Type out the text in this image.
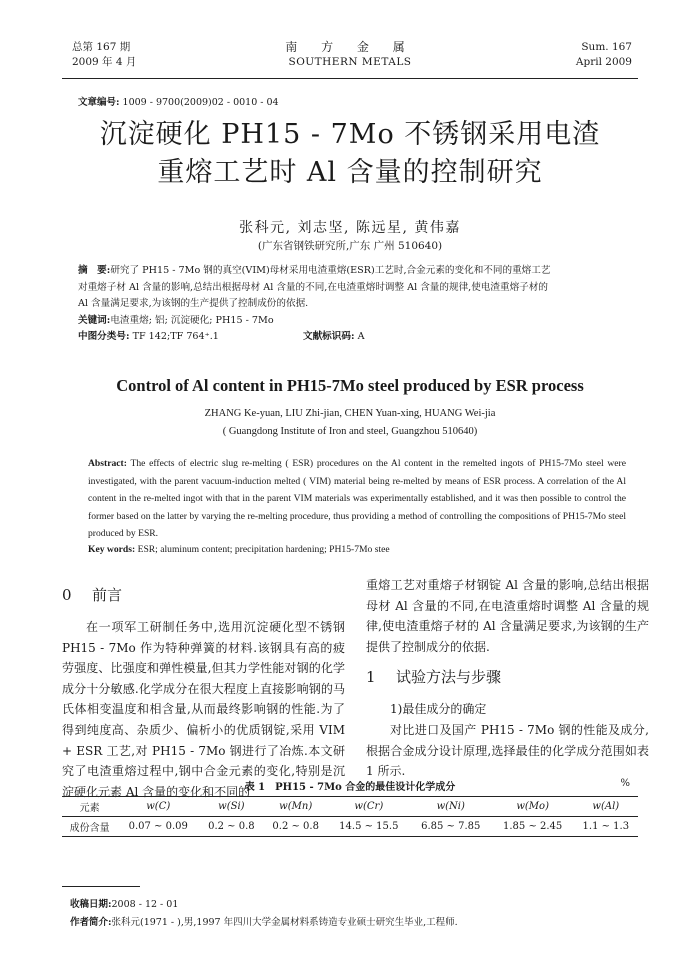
总第 167 期
2009 年 4 月
南 方 金 属
SOUTHERN METALS
Sum. 167
April 2009
文章编号: 1009 - 9700(2009)02 - 0010 - 04
沉淀硬化 PH15 - 7Mo 不锈钢采用电渣
重熔工艺时 Al 含量的控制研究
张科元, 刘志坚, 陈远星, 黄伟嘉
(广东省钢铁研究所,广东 广州 510640)
摘　要:研究了 PH15 - 7Mo 钢的真空(VIM)母材采用电渣重熔(ESR)工艺时,合金元素的变化和不同的重熔工艺
对重熔子材 Al 含量的影响,总结出根据母材 Al 含量的不同,在电渣重熔时调整 Al 含量的规律,使电渣重熔子材的
Al 含量满足要求,为该钢的生产提供了控制成份的依据.
关键词:电渣重熔; 铝; 沉淀硬化; PH15 - 7Mo
中图分类号: TF 142;TF 764⁺.1	文献标识码: A
Control of Al content in PH15-7Mo steel produced by ESR process
ZHANG Ke-yuan, LIU Zhi-jian, CHEN Yuan-xing, HUANG Wei-jia
( Guangdong Institute of Iron and steel, Guangzhou 510640)
Abstract: The effects of electric slug re-melting ( ESR) procedures on the Al content in the remelted ingots of PH15-7Mo steel were investigated, with the parent vacuum-induction melted ( VIM) material being re-melted by means of ESR process. A correlation of the Al content in the re-melted ingot with that in the parent VIM materials was experimentally established, and it was then possible to control the former based on the latter by varying the re-melting procedure, thus providing a method of controlling the compositions of PH15-7Mo steel produced by ESR.
Key words: ESR; aluminum content; precipitation hardening; PH15-7Mo stee
0 前言

在一项军工研制任务中,选用沉淀硬化型不锈钢 PH15 - 7Mo 作为特种弹簧的材料.该钢具有高的疲劳强度、比强度和弹性模量,但其力学性能对钢的化学成分十分敏感.化学成分在很大程度上直接影响钢的马氏体相变温度和相含量,从而最终影响钢的性能.为了得到纯度高、杂质少、偏析小的优质钢锭,采用 VIM + ESR 工艺,对 PH15 - 7Mo 钢进行了冶炼.本文研究了电渣重熔过程中,钢中合金元素的变化,特别是沉淀硬化元素 Al 含量的变化和不同的

重熔工艺对重熔子材钢锭 Al 含量的影响,总结出根据母材 Al 含量的不同,在电渣重熔时调整 Al 含量的规律,使电渣重熔子材的 Al 含量满足要求,为该钢的生产提供了控制成分的依据.

1 试验方法与步骤

1)最佳成分的确定

对比进口及国产 PH15 - 7Mo 钢的性能及成分,根据合金成分设计原理,选择最佳的化学成分范围如表 1 所示.

表 1　PH15 - 7Mo 合金的最佳设计化学成分	%
元素	w(C)	w(Si)	w(Mn)	w(Cr)	w(Ni)	w(Mo)	w(Al)
成份含量	0.07 ~ 0.09	0.2 ~ 0.8	0.2 ~ 0.8	14.5 ~ 15.5	6.85 ~ 7.85	1.85 ~ 2.45	1.1 ~ 1.3
收稿日期:2008 - 12 - 01
作者简介:张科元(1971 - ),男,1997 年四川大学金属材料系铸造专业硕士研究生毕业,工程师.
